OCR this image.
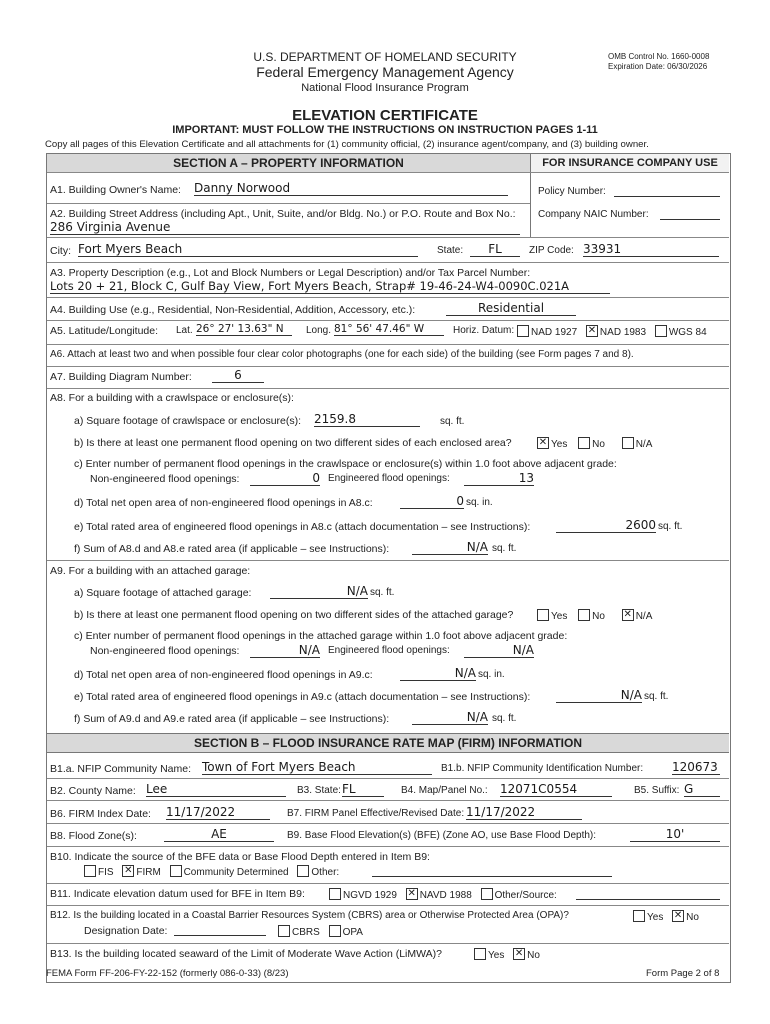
U.S. DEPARTMENT OF HOMELAND SECURITY
Federal Emergency Management Agency
National Flood Insurance Program
OMB Control No. 1660-0008
Expiration Date: 06/30/2026
ELEVATION CERTIFICATE
IMPORTANT: MUST FOLLOW THE INSTRUCTIONS ON INSTRUCTION PAGES 1-11
Copy all pages of this Elevation Certificate and all attachments for (1) community official, (2) insurance agent/company, and (3) building owner.
SECTION A – PROPERTY INFORMATION	FOR INSURANCE COMPANY USE
Policy Number:
Company NAIC Number:
A1. Building Owner's Name: Danny Norwood
A2. Building Street Address (including Apt., Unit, Suite, and/or Bldg. No.) or P.O. Route and Box No.:
286 Virginia Avenue
City: Fort Myers Beach	State:	FL	ZIP Code: 33931
A3. Property Description (e.g., Lot and Block Numbers or Legal Description) and/or Tax Parcel Number:
Lots 20 + 21, Block C, Gulf Bay View, Fort Myers Beach, Strap# 19-46-24-W4-0090C.021A
A4. Building Use (e.g., Residential, Non-Residential, Addition, Accessory, etc.):	Residential
A5. Latitude/Longitude: Lat. 26° 27' 13.63" N	Long. 81° 56' 47.46" W	Horiz. Datum:	NAD 1927 ✕ NAD 1983 WGS 84
A6. Attach at least two and when possible four clear color photographs (one for each side) of the building (see Form pages 7 and 8).
A7. Building Diagram Number:	6
A8. For a building with a crawlspace or enclosure(s):
a) Square footage of crawlspace or enclosure(s): 2159.8	sq. ft.
b) Is there at least one permanent flood opening on two different sides of each enclosed area? ✕	Yes No	N/A
c) Enter number of permanent flood openings in the crawlspace or enclosure(s) within 1.0 foot above adjacent grade:
Non-engineered flood openings:	0 Engineered flood openings:	13
d) Total net open area of non-engineered flood openings in A8.c:	0 sq. in.
e) Total rated area of engineered flood openings in A8.c (attach documentation – see Instructions):	2600 sq. ft.
f) Sum of A8.d and A8.e rated area (if applicable – see Instructions):	N/A sq. ft.
A9. For a building with an attached garage:
a) Square footage of attached garage:	N/A sq. ft.
b) Is there at least one permanent flood opening on two different sides of the attached garage?	Yes No ✕	N/A
c) Enter number of permanent flood openings in the attached garage within 1.0 foot above adjacent grade:
Non-engineered flood openings:	N/A Engineered flood openings:	N/A
d) Total net open area of non-engineered flood openings in A9.c:	N/A sq. in.
e) Total rated area of engineered flood openings in A9.c (attach documentation – see Instructions):	N/A sq. ft.
f) Sum of A9.d and A9.e rated area (if applicable – see Instructions):	N/A sq. ft.
SECTION B – FLOOD INSURANCE RATE MAP (FIRM) INFORMATION
B1.a. NFIP Community Name: Town of Fort Myers Beach	B1.b. NFIP Community Identification Number: 120673
B2. County Name: Lee	B3. State: FL	B4. Map/Panel No.: 12071C0554	B5. Suffix: G
B6. FIRM Index Date: 11/17/2022	B7. FIRM Panel Effective/Revised Date: 11/17/2022
B8. Flood Zone(s):	AE	B9. Base Flood Elevation(s) (BFE) (Zone AO, use Base Flood Depth):	10'
B10. Indicate the source of the BFE data or Base Flood Depth entered in Item B9:
FIS ✕ FIRM Community Determined Other:
B11. Indicate elevation datum used for BFE in Item B9:	NGVD 1929 ✕ NAVD 1988 Other/Source:
B12. Is the building located in a Coastal Barrier Resources System (CBRS) area or Otherwise Protected Area (OPA)?	Yes ✕ No
Designation Date:	CBRS OPA
B13. Is the building located seaward of the Limit of Moderate Wave Action (LiMWA)?	Yes ✕ No
FEMA Form FF-206-FY-22-152 (formerly 086-0-33) (8/23)	Form Page 2 of 8
